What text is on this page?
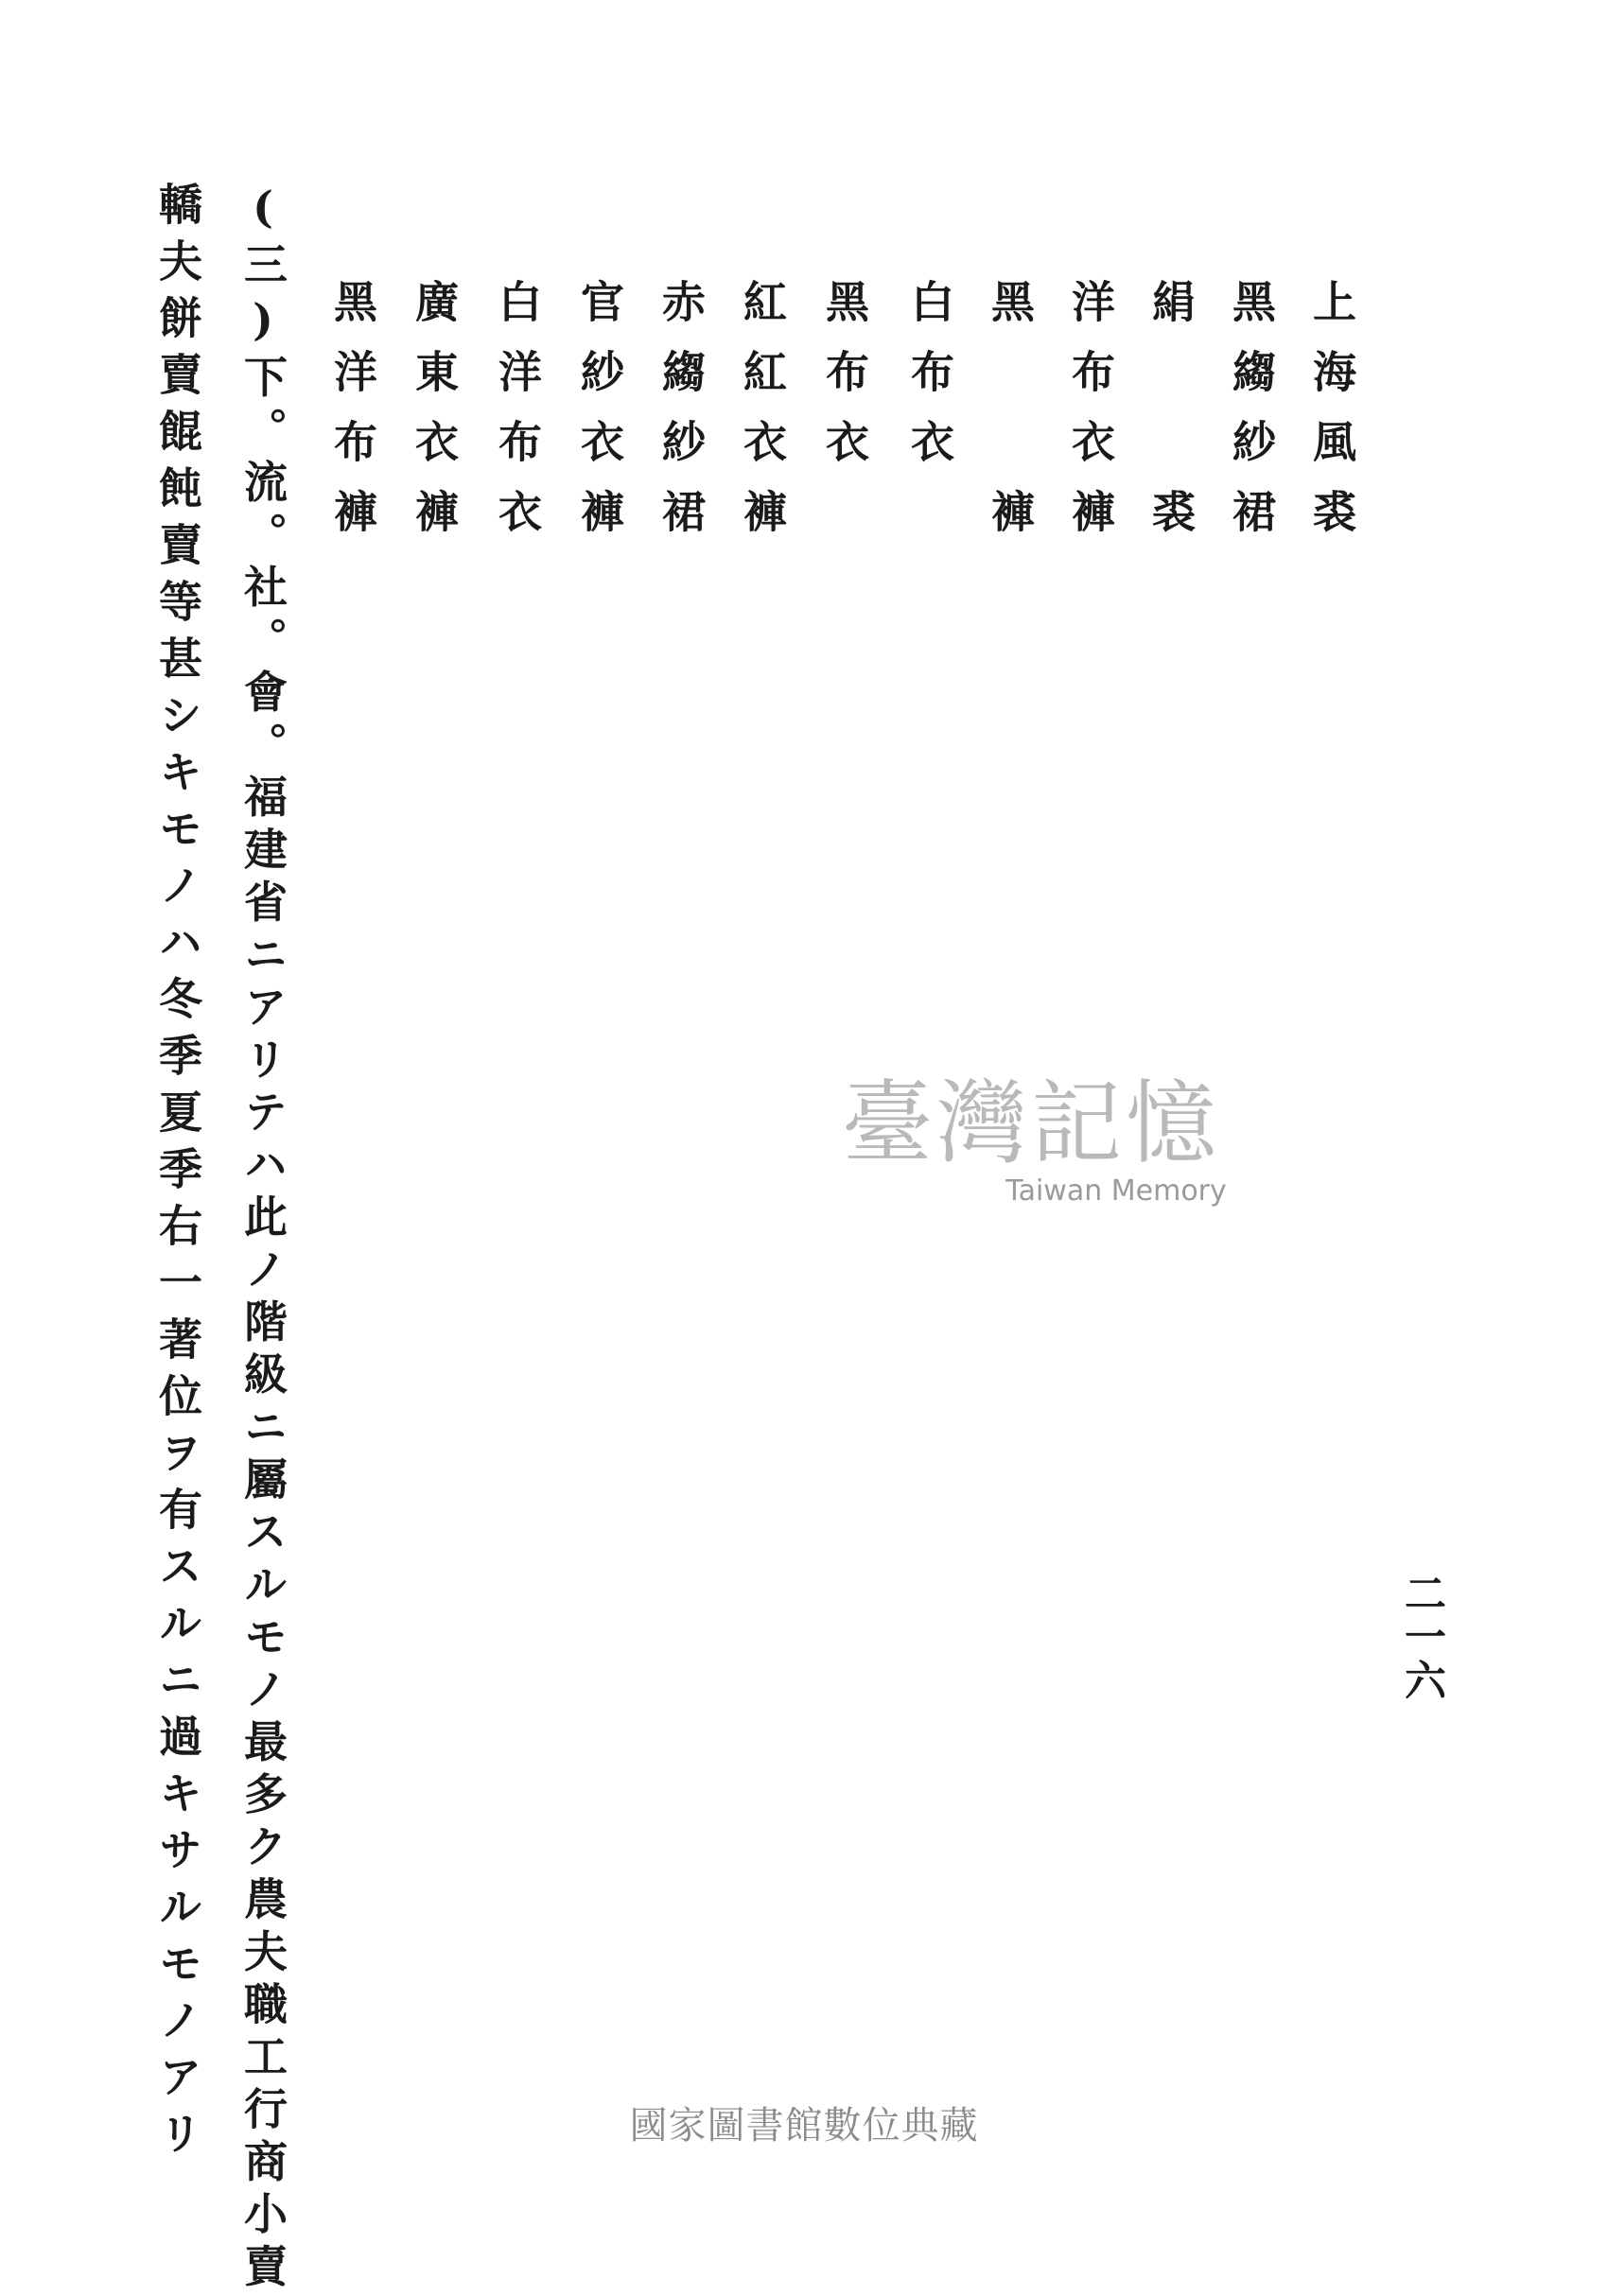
上海風裘
黑縐紗裙
絹　　裘
洋布衣褲
黑　　褲
白布衣
黑布衣
紅紅衣褲
赤縐紗裙
官紗衣褲
白洋布衣
廣東衣褲
黑洋布褲
(三)下。流。社。會。福建省ニアリテハ此ノ階級ニ屬スルモノ最多ク農夫職工行商小賣
轎夫餅賣餛飩賣等甚シキモノハ冬季夏季右一著位ヲ有スルニ過キサルモノアリ	二一六
臺灣記憶
Taiwan Memory
國家圖書館數位典藏
